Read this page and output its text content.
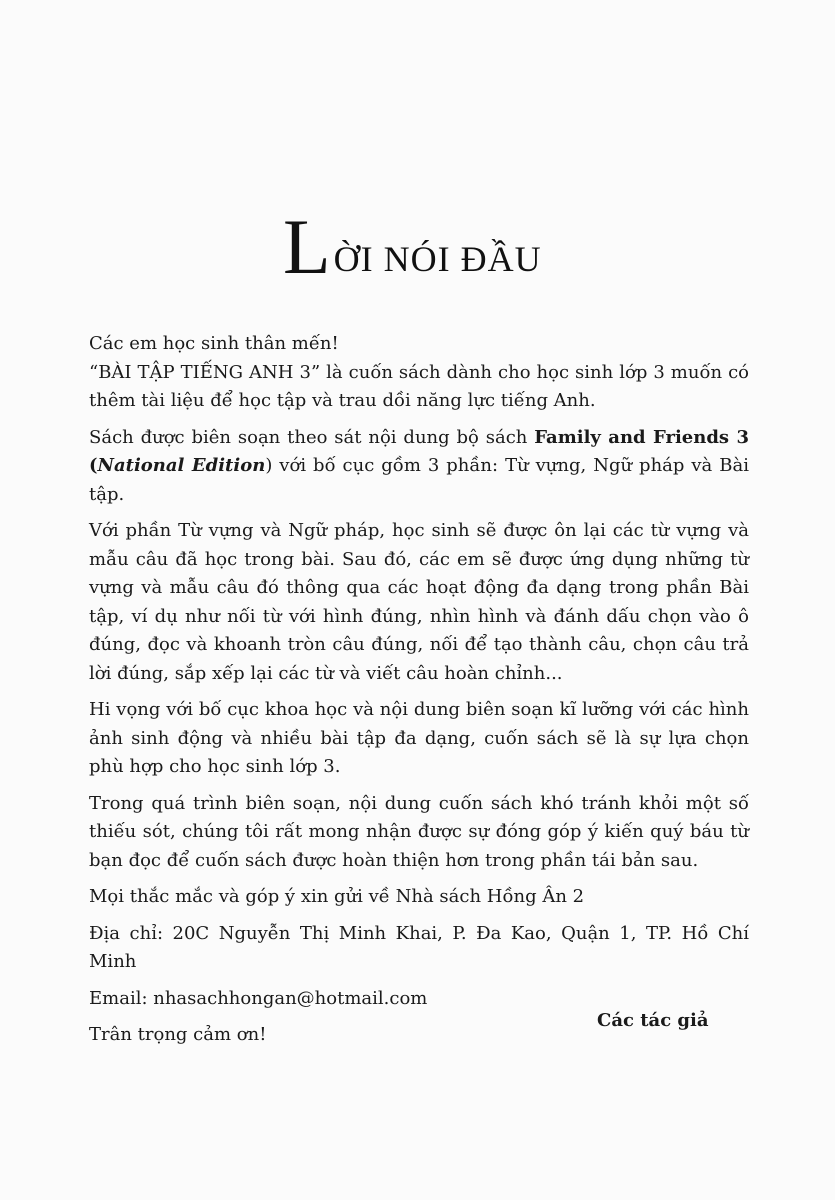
LỜI NÓI ĐẦU

Các em học sinh thân mến!

“BÀI TẬP TIẾNG ANH 3” là cuốn sách dành cho học sinh lớp 3 muốn có thêm tài liệu để học tập và trau dồi năng lực tiếng Anh.

Sách được biên soạn theo sát nội dung bộ sách Family and Friends 3 (National Edition) với bố cục gồm 3 phần: Từ vựng, Ngữ pháp và Bài tập.

Với phần Từ vựng và Ngữ pháp, học sinh sẽ được ôn lại các từ vựng và mẫu câu đã học trong bài. Sau đó, các em sẽ được ứng dụng những từ vựng và mẫu câu đó thông qua các hoạt động đa dạng trong phần Bài tập, ví dụ như nối từ với hình đúng, nhìn hình và đánh dấu chọn vào ô đúng, đọc và khoanh tròn câu đúng, nối để tạo thành câu, chọn câu trả lời đúng, sắp xếp lại các từ và viết câu hoàn chỉnh...

Hi vọng với bố cục khoa học và nội dung biên soạn kĩ lưỡng với các hình ảnh sinh động và nhiều bài tập đa dạng, cuốn sách sẽ là sự lựa chọn phù hợp cho học sinh lớp 3.

Trong quá trình biên soạn, nội dung cuốn sách khó tránh khỏi một số thiếu sót, chúng tôi rất mong nhận được sự đóng góp ý kiến quý báu từ bạn đọc để cuốn sách được hoàn thiện hơn trong phần tái bản sau.

Mọi thắc mắc và góp ý xin gửi về Nhà sách Hồng Ân 2

Địa chỉ: 20C Nguyễn Thị Minh Khai, P. Đa Kao, Quận 1, TP. Hồ Chí Minh

Email: nhasachhongan@hotmail.com

Trân trọng cảm ơn!

Các tác giả
